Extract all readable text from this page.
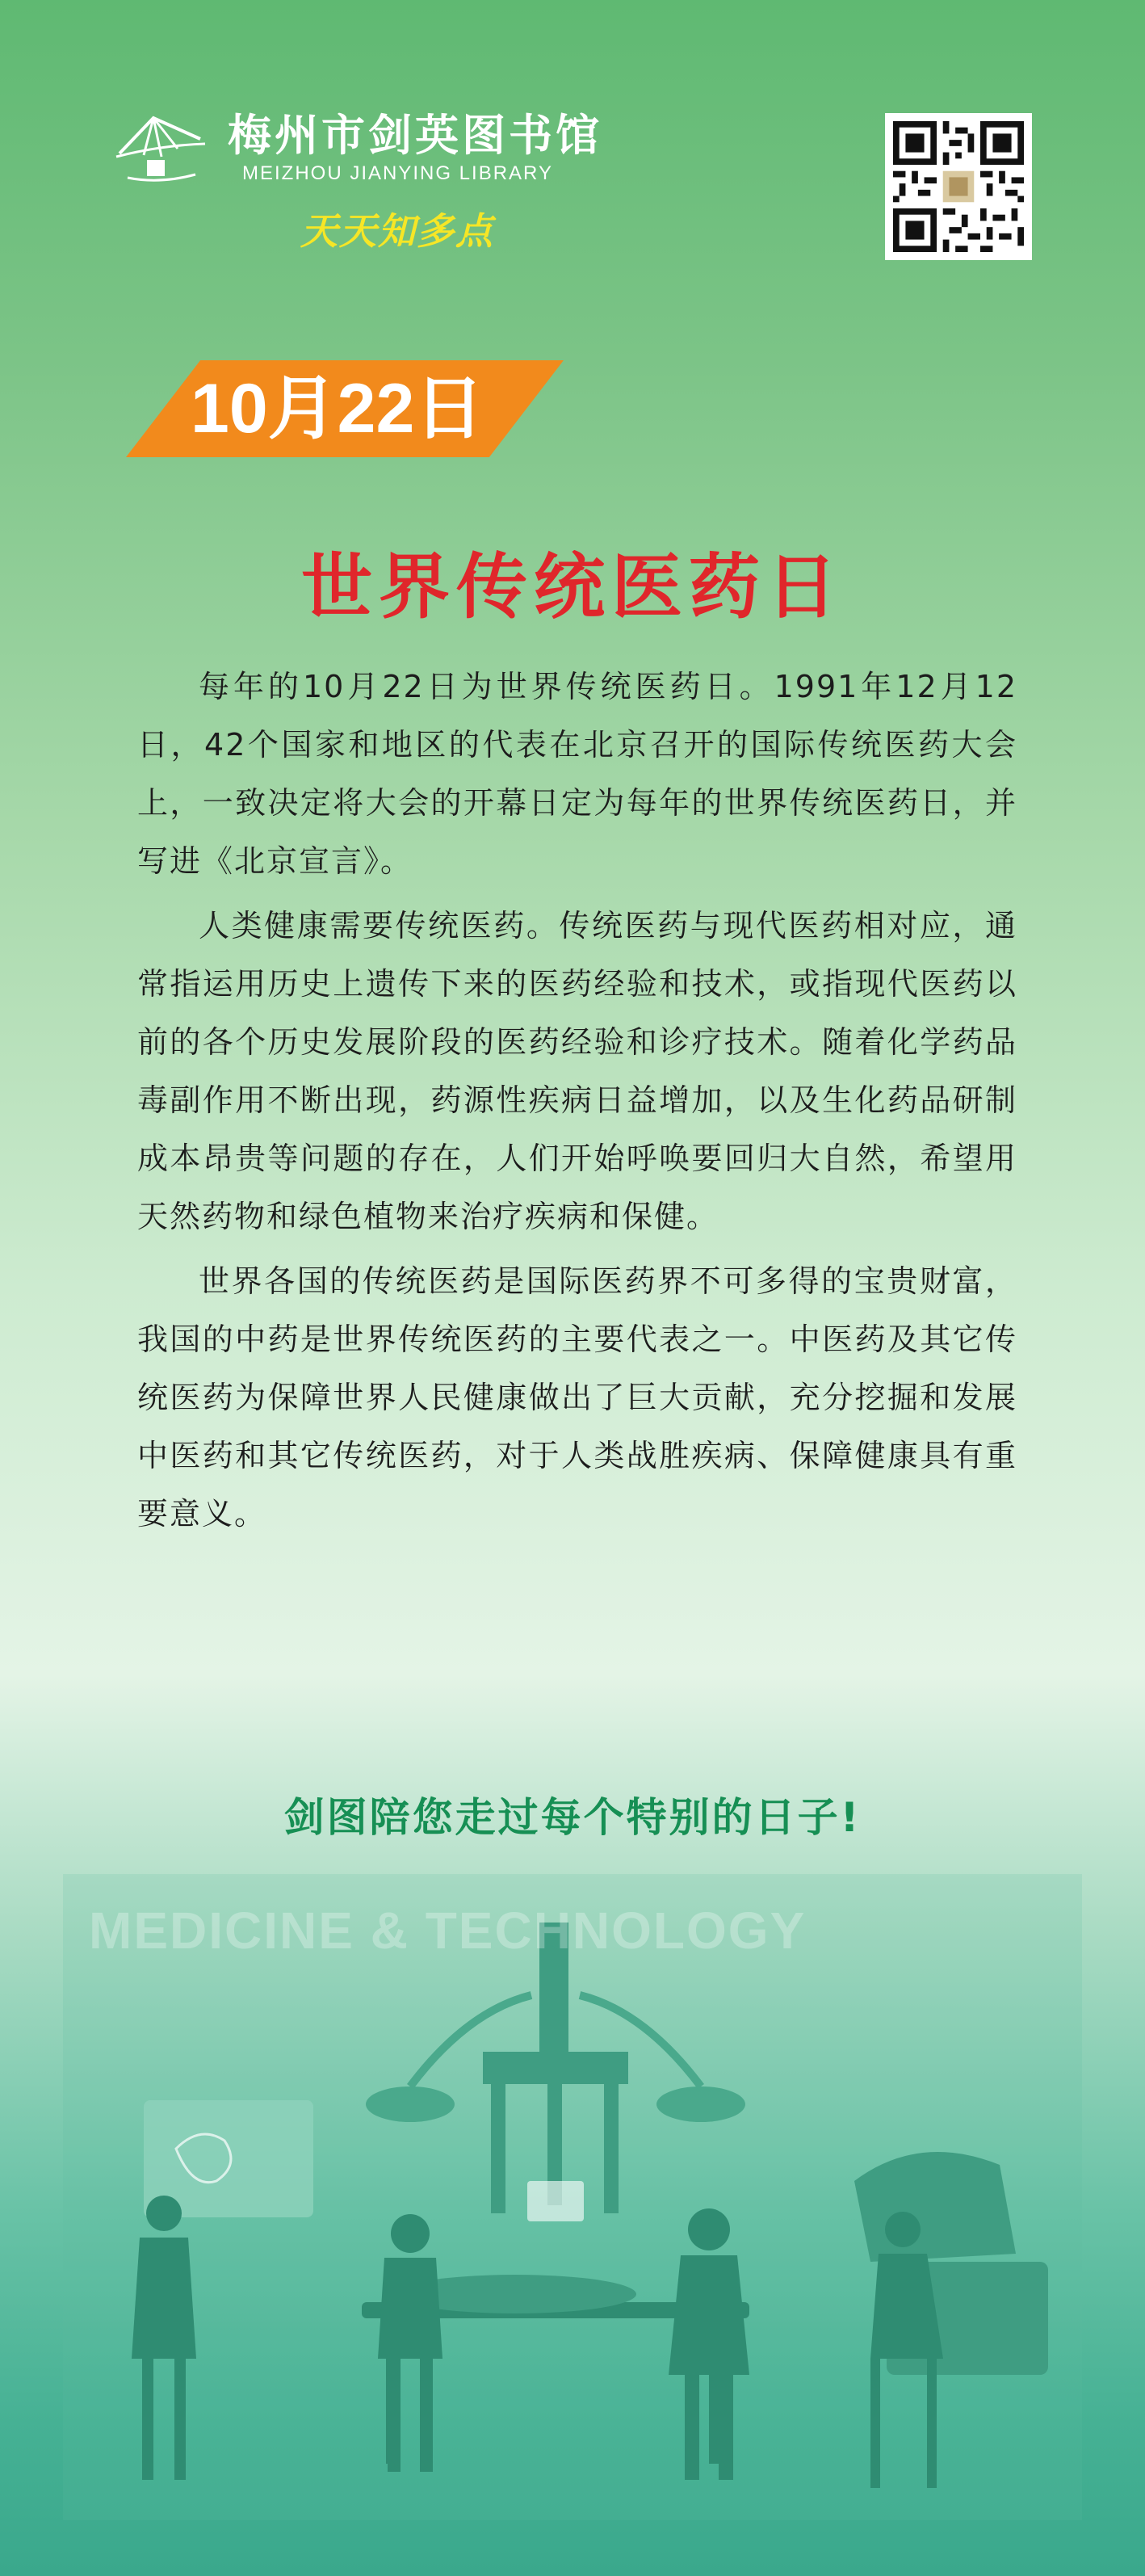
梅州市剑英图书馆
MEIZHOU JIANYING LIBRARY
天天知多点
10月22日
世界传统医药日

每年的10月22日为世界传统医药日。1991年12月12日，42个国家和地区的代表在北京召开的国际传统医药大会上，一致决定将大会的开幕日定为每年的世界传统医药日，并写进《北京宣言》。

人类健康需要传统医药。传统医药与现代医药相对应，通常指运用历史上遗传下来的医药经验和技术，或指现代医药以前的各个历史发展阶段的医药经验和诊疗技术。随着化学药品毒副作用不断出现，药源性疾病日益增加，以及生化药品研制成本昂贵等问题的存在，人们开始呼唤要回归大自然，希望用天然药物和绿色植物来治疗疾病和保健。

世界各国的传统医药是国际医药界不可多得的宝贵财富，我国的中药是世界传统医药的主要代表之一。中医药及其它传统医药为保障世界人民健康做出了巨大贡献，充分挖掘和发展中医药和其它传统医药，对于人类战胜疾病、保障健康具有重要意义。

剑图陪您走过每个特别的日子!
MEDICINE & TECHNOLOGY
